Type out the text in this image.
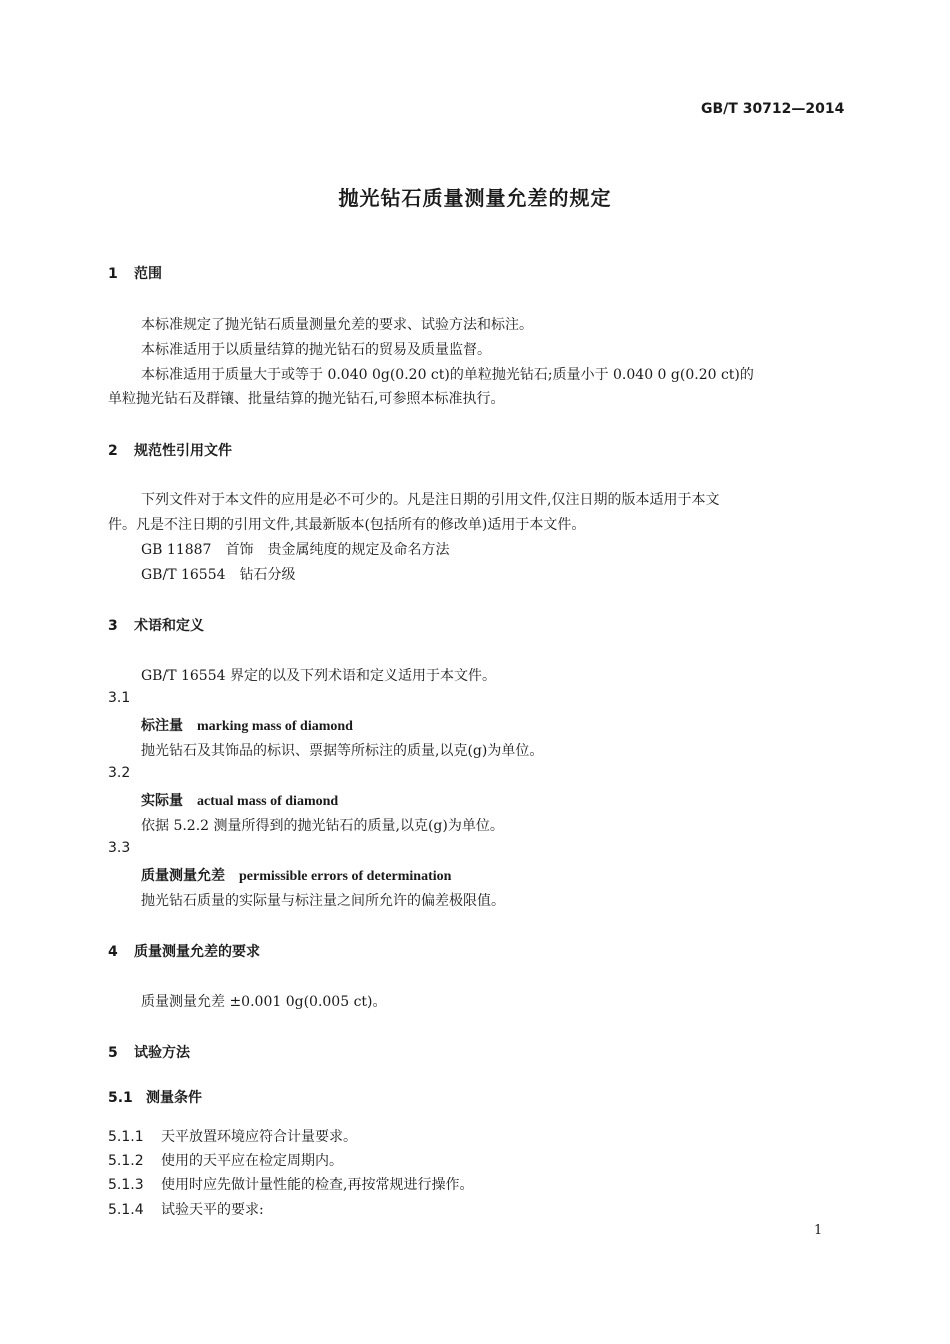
GB/T 30712—2014
抛光钻石质量测量允差的规定
1 范围
本标准规定了抛光钻石质量测量允差的要求、试验方法和标注。
本标准适用于以质量结算的抛光钻石的贸易及质量监督。
本标准适用于质量大于或等于 0.040 0g(0.20 ct)的单粒抛光钻石;质量小于 0.040 0 g(0.20 ct)的
单粒抛光钻石及群镶、批量结算的抛光钻石,可参照本标准执行。
2 规范性引用文件
下列文件对于本文件的应用是必不可少的。凡是注日期的引用文件,仅注日期的版本适用于本文
件。凡是不注日期的引用文件,其最新版本(包括所有的修改单)适用于本文件。
GB 11887　首饰　贵金属纯度的规定及命名方法
GB/T 16554　钻石分级
3 术语和定义
GB/T 16554 界定的以及下列术语和定义适用于本文件。
3.1
标注量 marking mass of diamond
抛光钻石及其饰品的标识、票据等所标注的质量,以克(g)为单位。
3.2
实际量 actual mass of diamond
依据 5.2.2 测量所得到的抛光钻石的质量,以克(g)为单位。
3.3
质量测量允差 permissible errors of determination
抛光钻石质量的实际量与标注量之间所允许的偏差极限值。
4 质量测量允差的要求
质量测量允差 ±0.001 0g(0.005 ct)。
5 试验方法
5.1 测量条件
5.1.1 天平放置环境应符合计量要求。
5.1.2 使用的天平应在检定周期内。
5.1.3 使用时应先做计量性能的检查,再按常规进行操作。
5.1.4 试验天平的要求:
1
